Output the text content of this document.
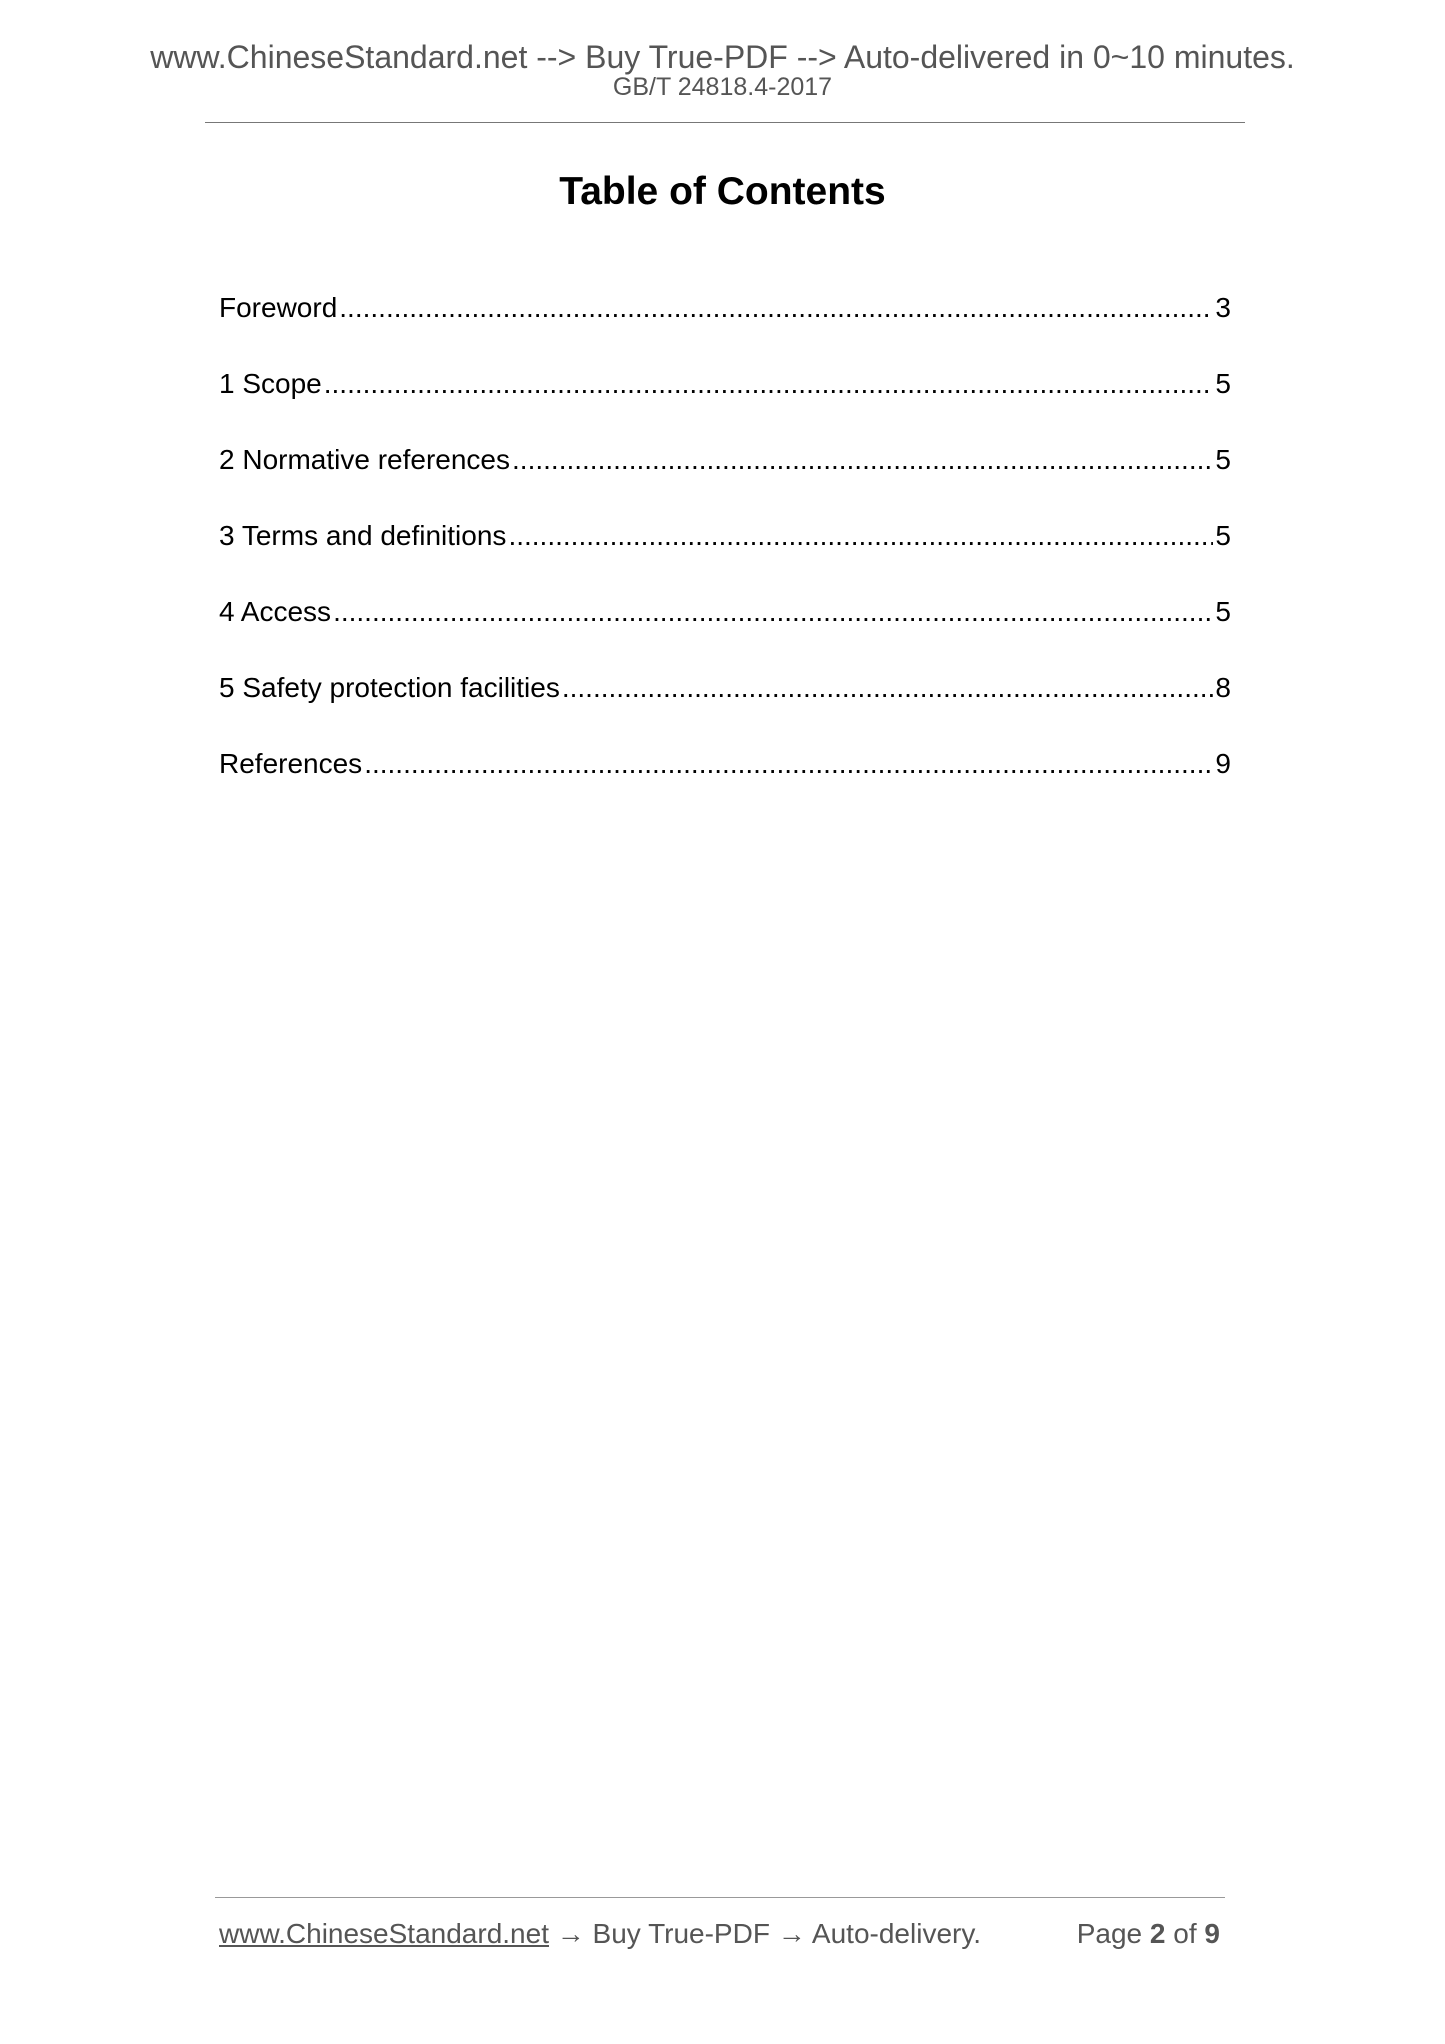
www.ChineseStandard.net --> Buy True-PDF --> Auto-delivered in 0~10 minutes.
GB/T 24818.4-2017
Table of Contents
Foreword .....	3
1 Scope .....	5
2 Normative references .....	5
3 Terms and definitions .....	5
4 Access .....	5
5 Safety protection facilities .....	8
References .....	9
www.ChineseStandard.net → Buy True-PDF → Auto-delivery.	Page 2 of 9
